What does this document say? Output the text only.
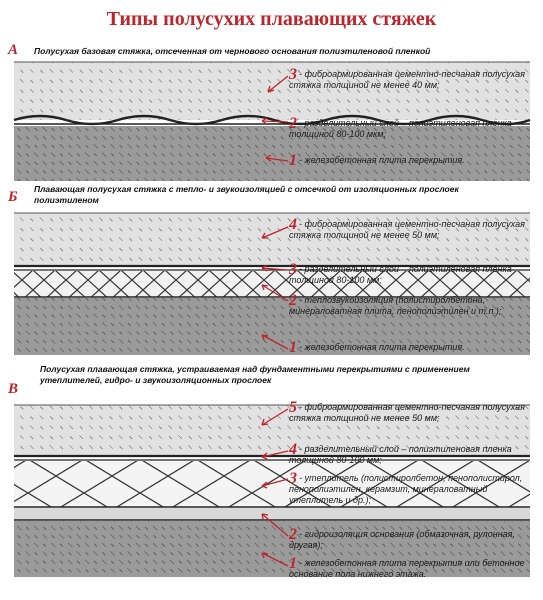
Типы полусухих плавающих стяжек
А Полусухая базовая стяжка, отсеченная от чернового основания полиэтиленовой пленкой
3 - фиброармированная цементно-песчаная полусухая стяжка толщиной не менее 40 мм;
2 - разделительный слой – полиэтиленовая пленка толщиной 80-100 мкм;
1 - железобетонная плита перекрытия.
Б Плавающая полусухая стяжка с тепло- и звукоизоляцией с отсечкой от изоляционных прослоек полиэтиленом
4 - фиброармированная цементно-песчаная полусухая стяжка толщиной не менее 50 мм;
3 - разделительный слой – полиэтиленовая пленка толщиной 80-100 мм;
2 - теплозвукоизоляция (полистиролбетона, минераловатная плита, пенополиэтилен и т.п.);
1 - железобетонная плита перекрытия.
В
Полусухая плавающая стяжка, устраиваемая над фундаментными перекрытиями с применением утеплителей, гидро- и звукоизоляционных прослоек
5 - фиброармированная цементно-песчаная полусухая стяжка толщиной не менее 50 мм;
4 - разделительный слой – полиэтиленовая пленка толщиной 80-100 мм;
3 - утеплитель (полистиролбетон, пенополистирол, пенополиэтилен, керамзит, минераловатный утеплитель и др.);
2 - гидроизоляция основания (обмазочная, рулонная, другая);
1 - железобетонная плита перекрытия или бетонное основание пола нижнего этажа.
